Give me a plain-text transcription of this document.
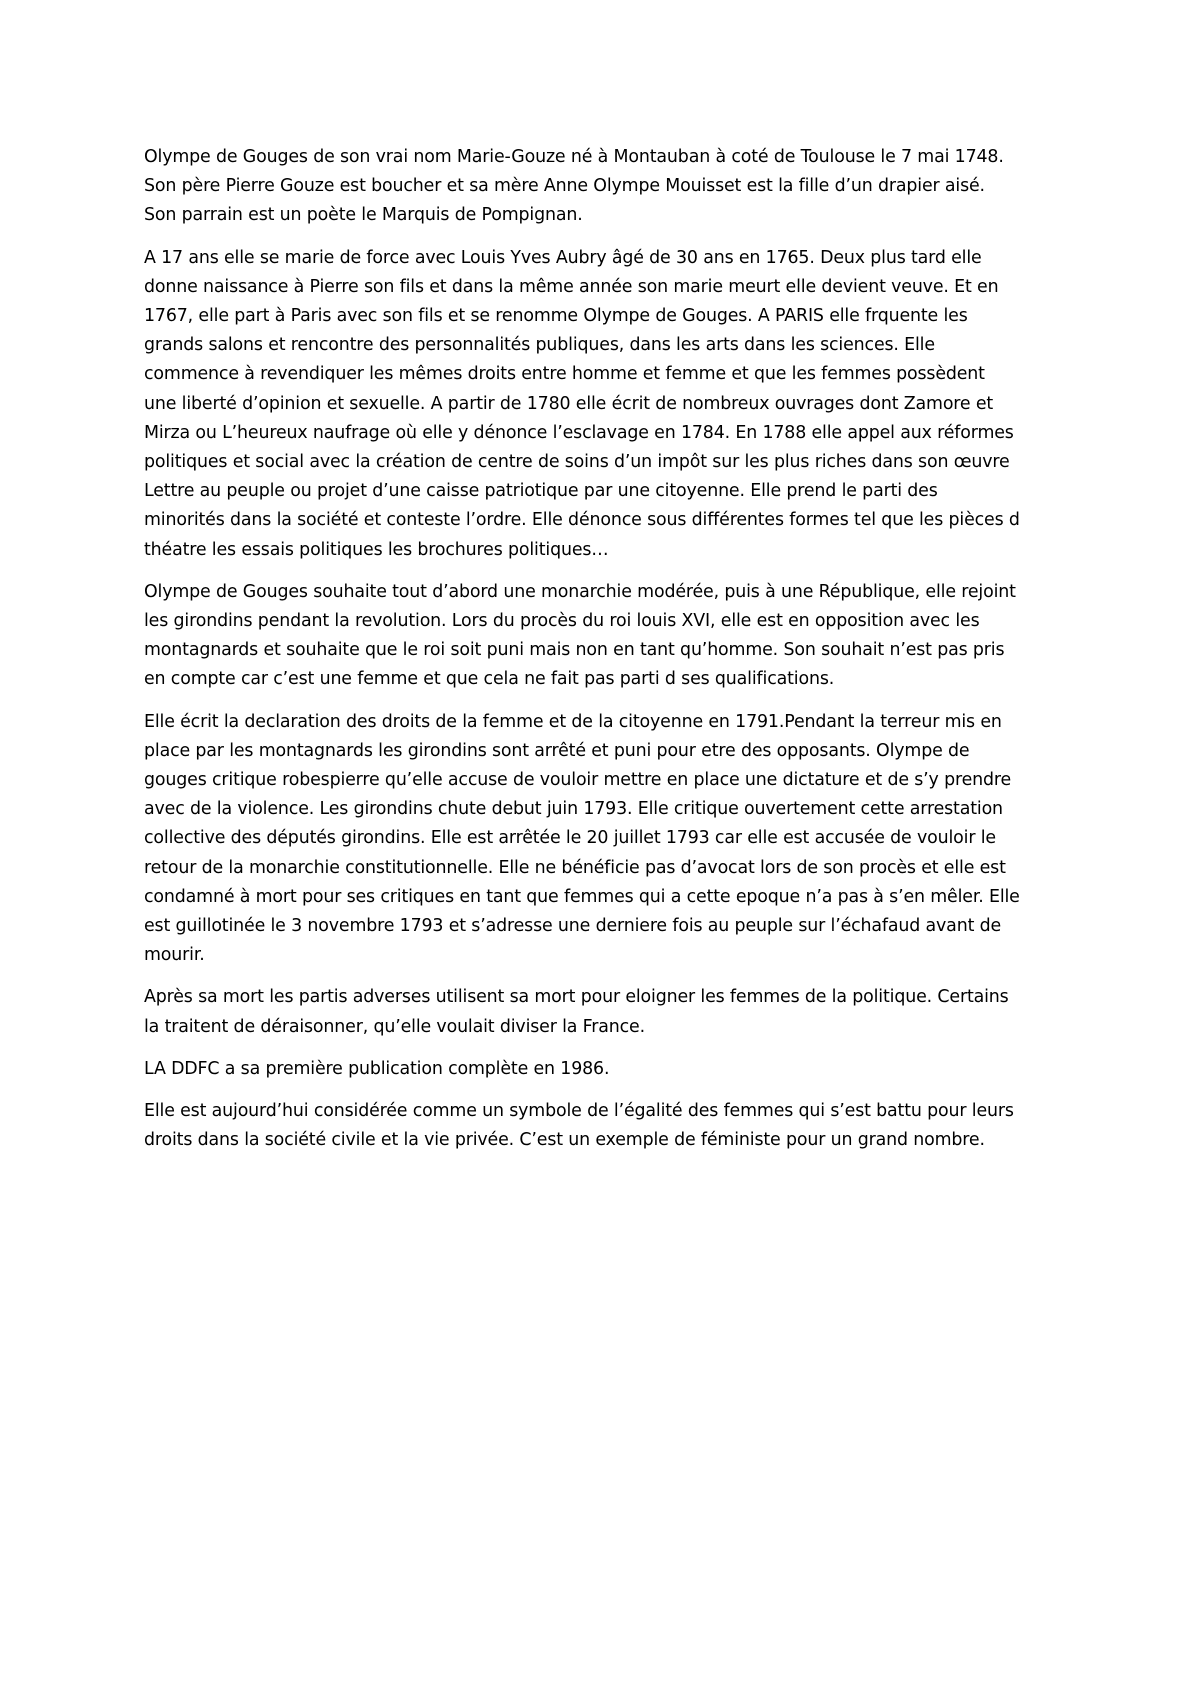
Olympe de Gouges de son vrai nom Marie-Gouze né à Montauban à coté de Toulouse le 7 mai 1748.
Son père Pierre Gouze est boucher et sa mère Anne Olympe Mouisset est la fille d’un drapier aisé.
Son parrain est un poète le Marquis de Pompignan.

A 17 ans elle se marie de force avec Louis Yves Aubry âgé de 30 ans en 1765. Deux plus tard elle
donne naissance à Pierre son fils et dans la même année son marie meurt elle devient veuve. Et en
1767, elle part à Paris avec son fils et se renomme Olympe de Gouges. A PARIS elle frquente les
grands salons et rencontre des personnalités publiques, dans les arts dans les sciences. Elle
commence à revendiquer les mêmes droits entre homme et femme et que les femmes possèdent
une liberté d’opinion et sexuelle. A partir de 1780 elle écrit de nombreux ouvrages dont Zamore et
Mirza ou L’heureux naufrage où elle y dénonce l’esclavage en 1784. En 1788 elle appel aux réformes
politiques et social avec la création de centre de soins d’un impôt sur les plus riches dans son œuvre
Lettre au peuple ou projet d’une caisse patriotique par une citoyenne. Elle prend le parti des
minorités dans la société et conteste l’ordre. Elle dénonce sous différentes formes tel que les pièces d
théatre les essais politiques les brochures politiques…

Olympe de Gouges souhaite tout d’abord une monarchie modérée, puis à une République, elle rejoint
les girondins pendant la revolution. Lors du procès du roi louis XVI, elle est en opposition avec les
montagnards et souhaite que le roi soit puni mais non en tant qu’homme. Son souhait n’est pas pris
en compte car c’est une femme et que cela ne fait pas parti d ses qualifications.

Elle écrit la declaration des droits de la femme et de la citoyenne en 1791.Pendant la terreur mis en
place par les montagnards les girondins sont arrêté et puni pour etre des opposants. Olympe de
gouges critique robespierre qu’elle accuse de vouloir mettre en place une dictature et de s’y prendre
avec de la violence. Les girondins chute debut juin 1793. Elle critique ouvertement cette arrestation
collective des députés girondins. Elle est arrêtée le 20 juillet 1793 car elle est accusée de vouloir le
retour de la monarchie constitutionnelle. Elle ne bénéficie pas d’avocat lors de son procès et elle est
condamné à mort pour ses critiques en tant que femmes qui a cette epoque n’a pas à s’en mêler. Elle
est guillotinée le 3 novembre 1793 et s’adresse une derniere fois au peuple sur l’échafaud avant de
mourir.

Après sa mort les partis adverses utilisent sa mort pour eloigner les femmes de la politique. Certains
la traitent de déraisonner, qu’elle voulait diviser la France.

LA DDFC a sa première publication complète en 1986.

Elle est aujourd’hui considérée comme un symbole de l’égalité des femmes qui s’est battu pour leurs
droits dans la société civile et la vie privée. C’est un exemple de féministe pour un grand nombre.
